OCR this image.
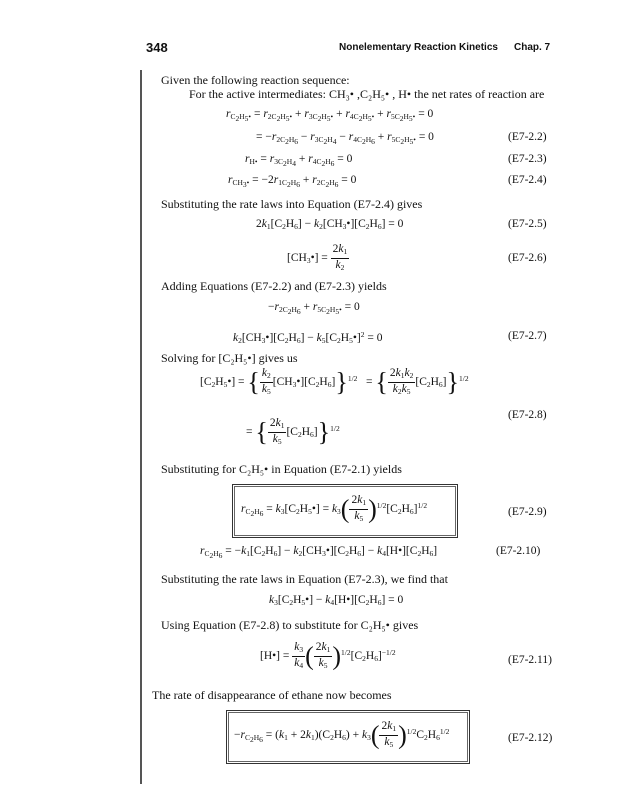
348	Nonelementary Reaction Kinetics Chap. 7
Given the following reaction sequence:
For the active intermediates: CH₃• ,C₂H₅• , H• the net rates of reaction are
$r_{C_2H_5•} = r_{2C_2H_5•} + r_{3C_2H_5•} + r_{4C_2H_5•} + r_{5C_2H_5•} = 0$
= $-r_{2C_2H_6} - r_{3C_2H_4} - r_{4C_2H_6} + r_{5C_2H_5•} = 0$	(E7-2.2)
$r_{H•} = r_{3C_2H_4} + r_{4C_2H_6} = 0$	(E7-2.3)
$r_{CH_3•} = -2r_{1C_2H_6} + r_{2C_2H_6} = 0$	(E7-2.4)
Substituting the rate laws into Equation (E7-2.4) gives
$2k_1[C_2H_6]$ − $k_2[CH_3•][C_2H_6] = 0$	(E7-2.5)
$[CH_3•] = \frac{2k_1}{k_2}$	(E7-2.6)
Adding Equations (E7-2.2) and (E7-2.3) yields
$-r_{2C_2H_6} + r_{5C_2H_5•} = 0$
$k_2[CH_3•][C_2H_6]$ − $k_5[C_2H_5•]^2 = 0$	(E7-2.7)
Solving for [C₂H₅•] gives us
$[C_2H_5•]$ = { $\frac{k_2}{k_5}$ $[CH_3•][C_2H_6]\}^{1/2}$   = { $\frac{2k_1k_2}{k_2k_5} [C_2H_6]\}^{1/2}$
= { $\frac{2k_1}{k_5} [C_2H_6]\}^{1/2}$
(E7-2.8)
Substituting for C₂H₅• in Equation (E7-2.1) yields
$r_{C_2H_6}$ = $k_3[C_2H_5•] = k_3( \frac{2k_1}{k_5} )^{1/2}[C_2H_6]^{1/2}$
(E7-2.9)
$r_{C_2H_6} = -k_1[C_2H_6]$ − $k_2[CH_3•][C_2H_6]$ − $k_4[H•][C_2H_6]$	(E7-2.10)
Substituting the rate laws in Equation (E7-2.3), we find that
$k_3[C_2H_5•]$ − $k_4[H•][C_2H_6] = 0$
Using Equation (E7-2.8) to substitute for C₂H₅• gives
[H•] = $\frac{k_3}{k_4}$ ( $\frac{2k_1}{k_5} )^{1/2}[C_2H_6]^{-1/2}$
(E7-2.11)
The rate of disappearance of ethane now becomes
$-r_{C_2H_6} = (k_1 + 2k_1)(C_2H_6) + k_3( \frac{2k_1}{k_5} )^{1/2}C_2H_6^{1/2}$
(E7-2.12)
